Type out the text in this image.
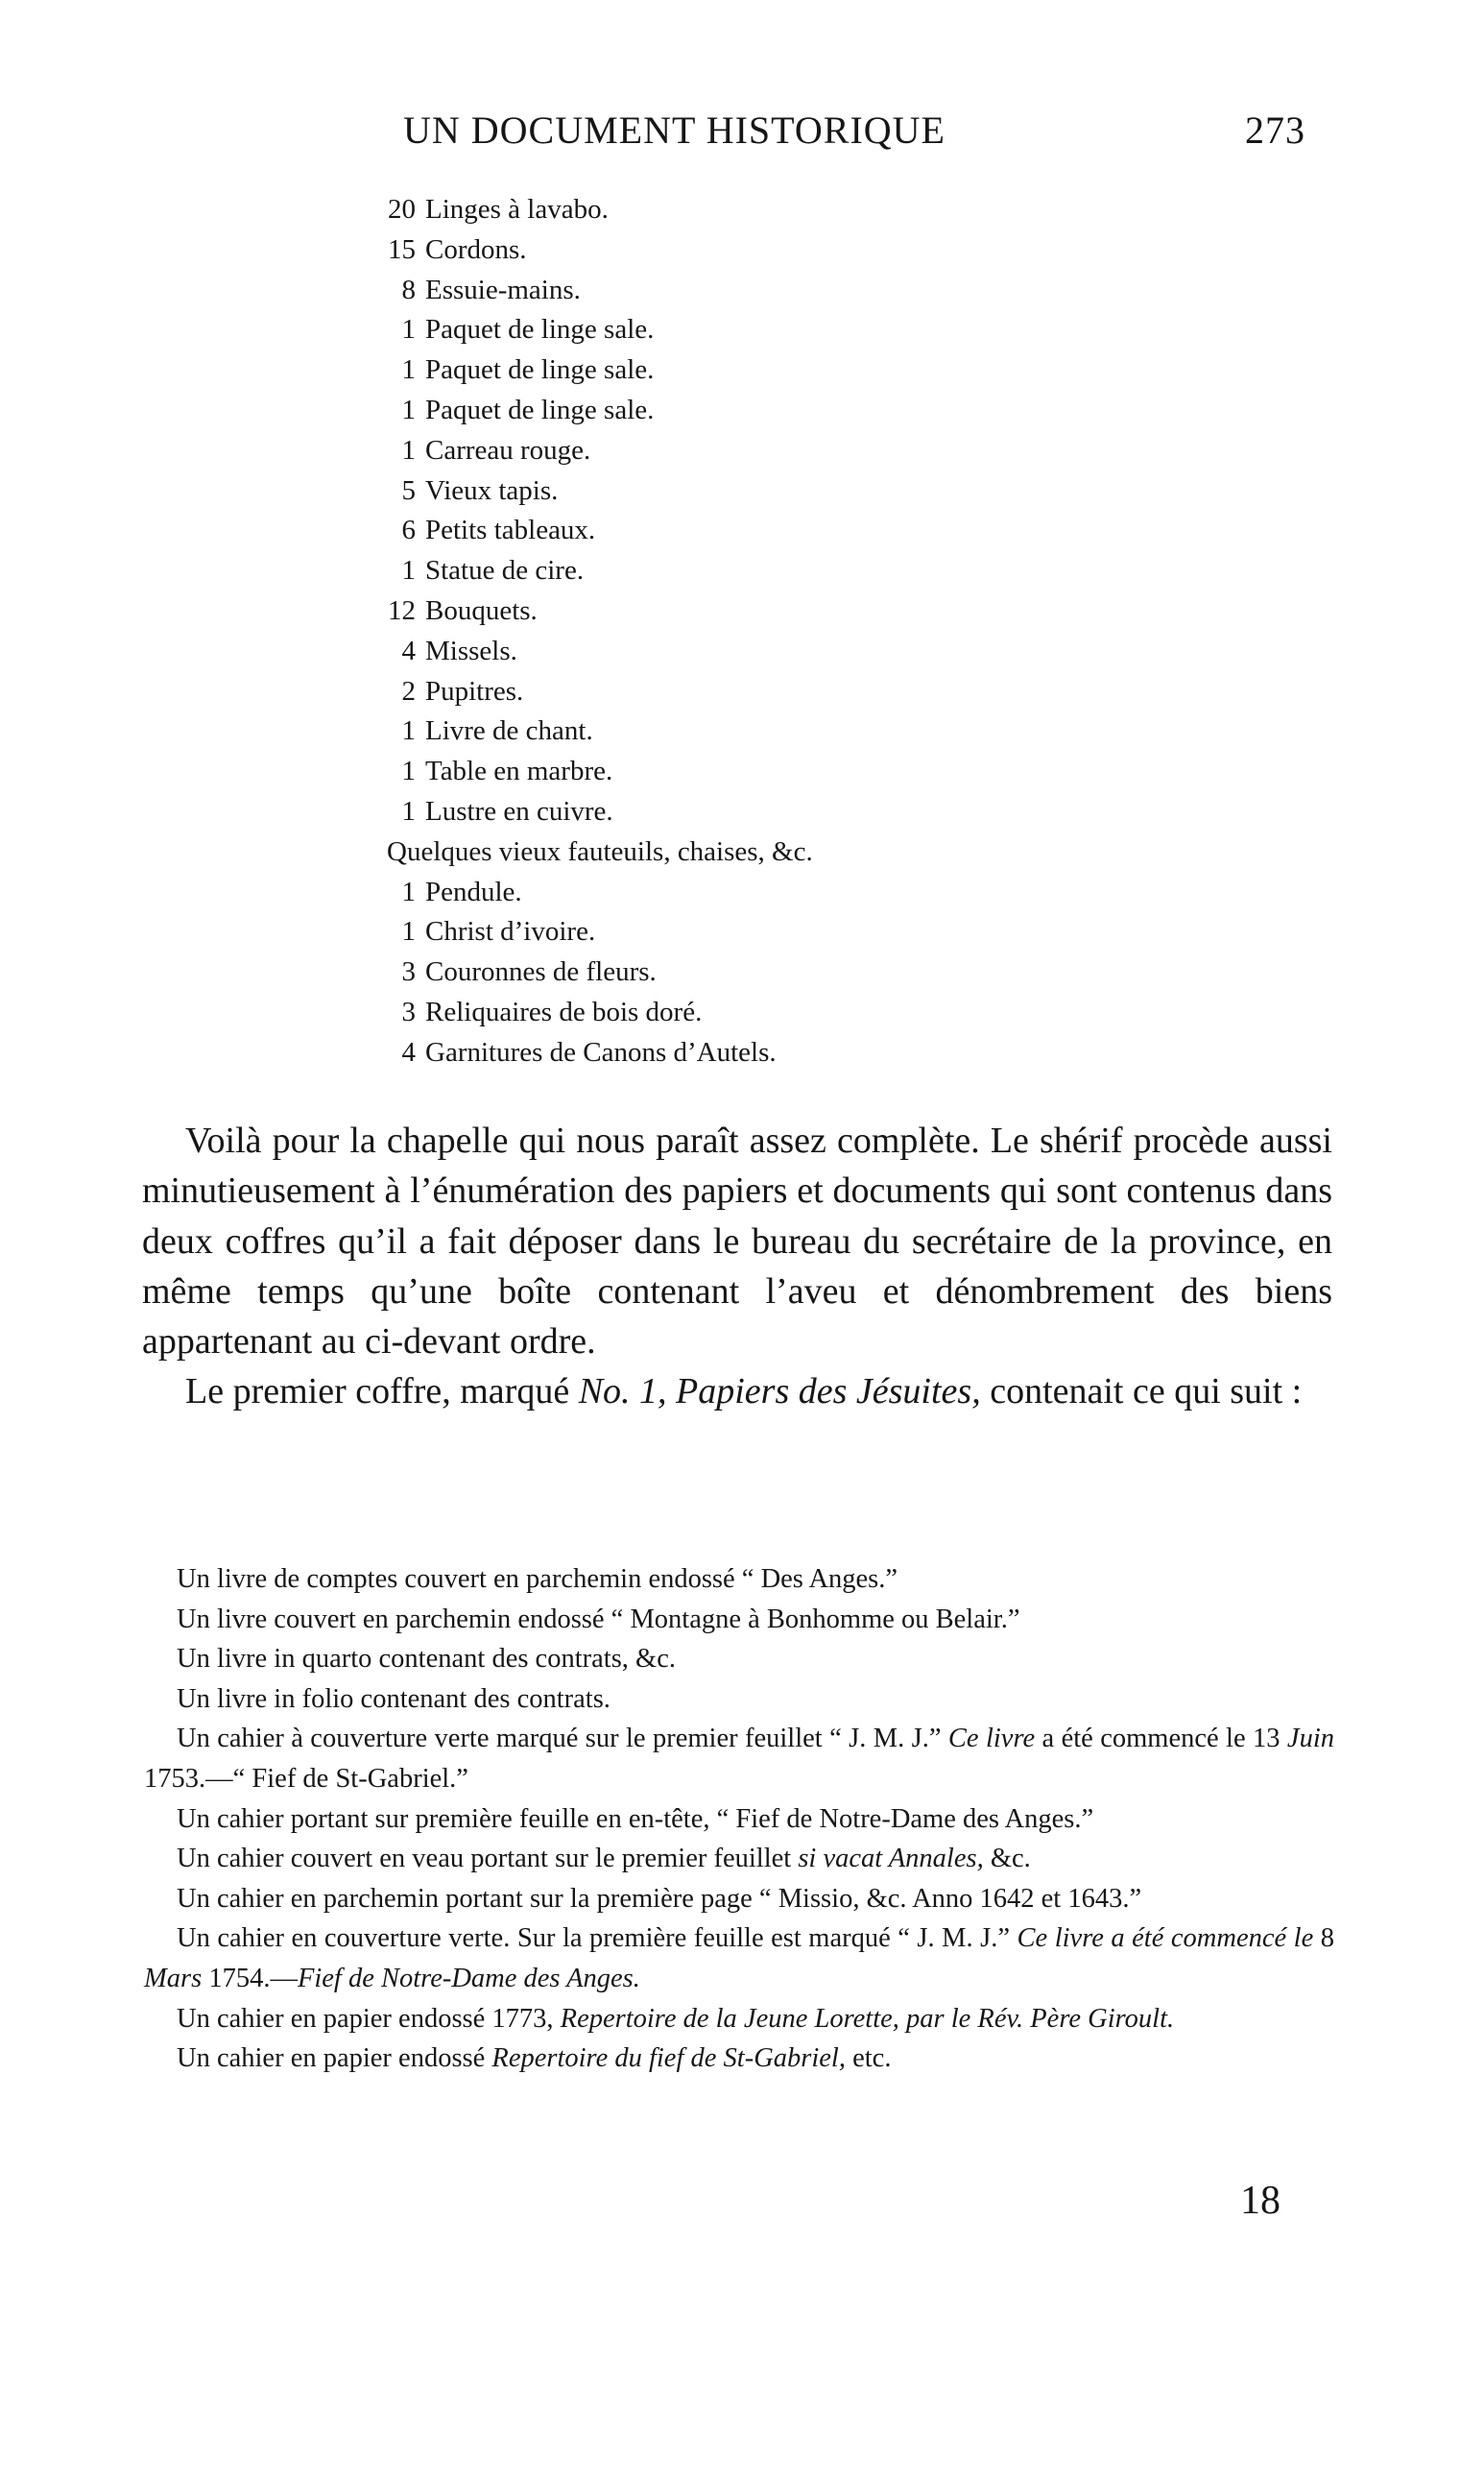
UN DOCUMENT HISTORIQUE	273
20 Linges à lavabo.
15 Cordons.
8 Essuie-mains.
1 Paquet de linge sale.
1 Paquet de linge sale.
1 Paquet de linge sale.
1 Carreau rouge.
5 Vieux tapis.
6 Petits tableaux.
1 Statue de cire.
12 Bouquets.
4 Missels.
2 Pupitres.
1 Livre de chant.
1 Table en marbre.
1 Lustre en cuivre.
Quelques vieux fauteuils, chaises, &c.
1 Pendule.
1 Christ d’ivoire.
3 Couronnes de fleurs.
3 Reliquaires de bois doré.
4 Garnitures de Canons d’Autels.

Voilà pour la chapelle qui nous paraît assez complète. Le shérif procède aussi minutieusement à l’énumération des papiers et documents qui sont contenus dans deux coffres qu’il a fait déposer dans le bureau du secrétaire de la province, en même temps qu’une boîte contenant l’aveu et dénombrement des biens appartenant au ci-devant ordre.

Le premier coffre, marqué No. 1, Papiers des Jésuites, contenait ce qui suit :

Un livre de comptes couvert en parchemin endossé “ Des Anges.”

Un livre couvert en parchemin endossé “ Montagne à Bonhomme ou Belair.”

Un livre in quarto contenant des contrats, &c.

Un livre in folio contenant des contrats.

Un cahier à couverture verte marqué sur le premier feuillet “ J. M. J.” Ce livre a été commencé le 13 Juin 1753.—“ Fief de St-Gabriel.”

Un cahier portant sur première feuille en en-tête, “ Fief de Notre-Dame des Anges.”

Un cahier couvert en veau portant sur le premier feuillet si vacat Annales, &c.

Un cahier en parchemin portant sur la première page “ Missio, &c. Anno 1642 et 1643.”

Un cahier en couverture verte. Sur la première feuille est marqué “ J. M. J.” Ce livre a été commencé le 8 Mars 1754.—Fief de Notre-Dame des Anges.

Un cahier en papier endossé 1773, Repertoire de la Jeune Lorette, par le Rév. Père Giroult.

Un cahier en papier endossé Repertoire du fief de St-Gabriel, etc.

18
